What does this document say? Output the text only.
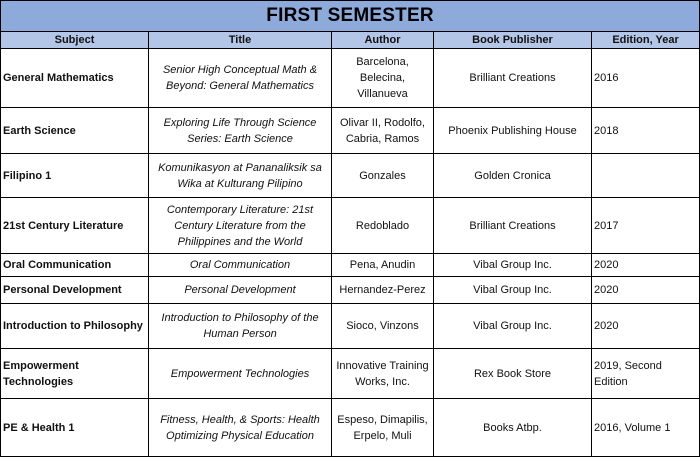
FIRST SEMESTER				
Subject	Title	Author	Book Publisher	Edition, Year
General Mathematics	Senior High Conceptual Math & Beyond: General Mathematics	Barcelona, Belecina, Villanueva	Brilliant Creations	2016
Earth Science	Exploring Life Through Science Series: Earth Science	Olivar II, Rodolfo, Cabria, Ramos	Phoenix Publishing House	2018
Filipino 1	Komunikasyon at Pananaliksik sa Wika at Kulturang Pilipino	Gonzales	Golden Cronica	
21st Century Literature	Contemporary Literature: 21st Century Literature from the Philippines and the World	Redoblado	Brilliant Creations	2017
Oral Communication	Oral Communication	Pena, Anudin	Vibal Group Inc.	2020
Personal Development	Personal Development	Hernandez-Perez	Vibal Group Inc.	2020
Introduction to Philosophy	Introduction to Philosophy of the Human Person	Sioco, Vinzons	Vibal Group Inc.	2020
Empowerment Technologies	Empowerment Technologies	Innovative Training Works, Inc.	Rex Book Store	2019, Second Edition
PE & Health 1	Fitness, Health, & Sports: Health Optimizing Physical Education	Espeso, Dimapilis, Erpelo, Muli	Books Atbp.	2016, Volume 1
